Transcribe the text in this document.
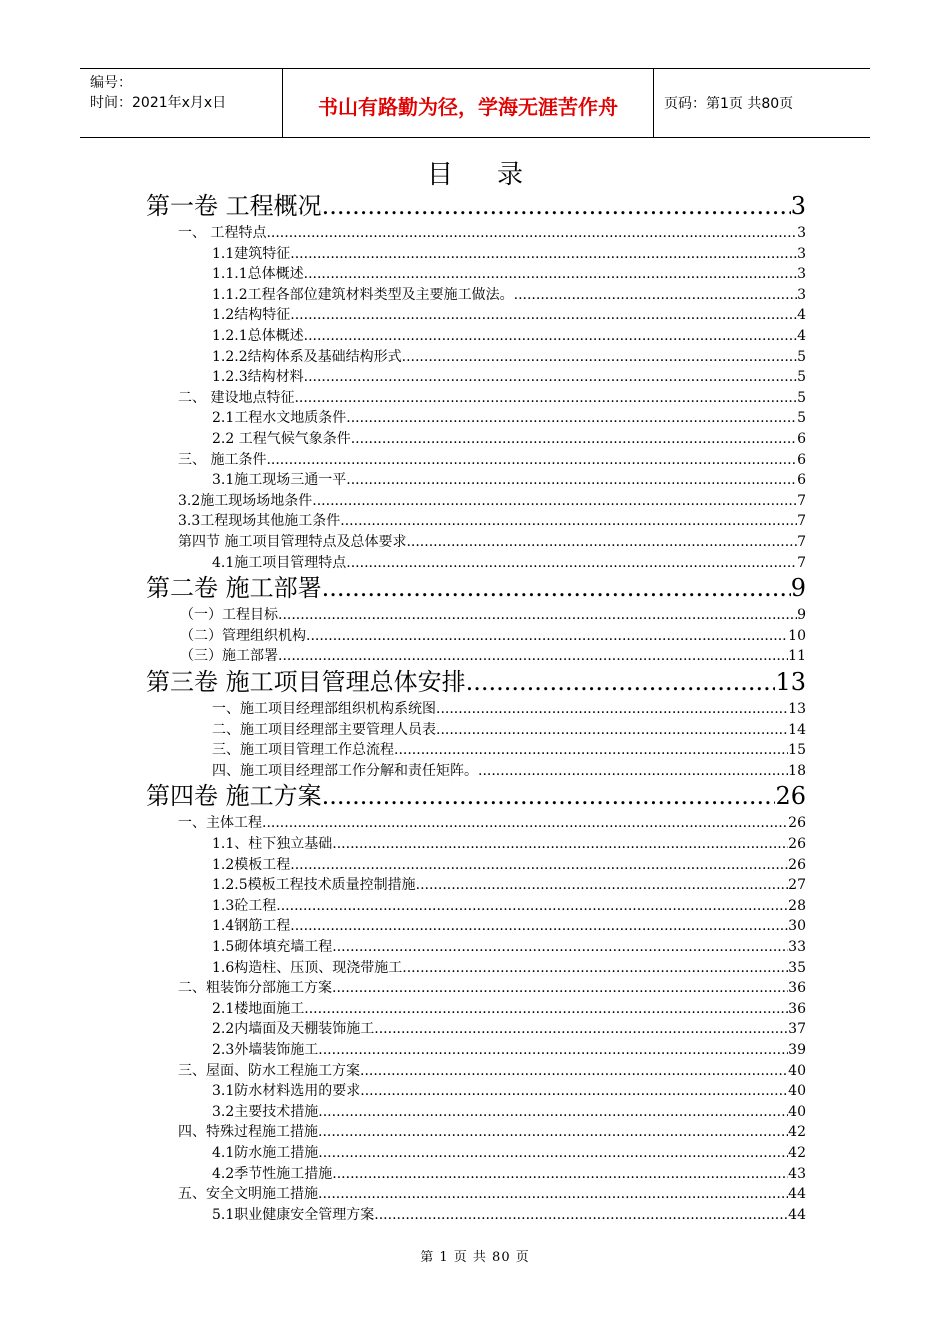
编号：
时间：2021年x月x日	书山有路勤为径，学海无涯苦作舟	页码：第1页 共80页
目录
第一卷 工程概况 .....	3
一、 工程特点 .....	3
1.1建筑特征 .....	3
1.1.1总体概述 .....	3
1.1.2工程各部位建筑材料类型及主要施工做法。 .....	3
1.2结构特征 .....	4
1.2.1总体概述 .....	4
1.2.2结构体系及基础结构形式 .....	5
1.2.3结构材料 .....	5
二、 建设地点特征 .....	5
2.1工程水文地质条件 .....	5
2.2 工程气候气象条件 .....	6
三、 施工条件 .....	6
3.1施工现场三通一平 .....	6
3.2施工现场场地条件 .....	7
3.3工程现场其他施工条件 .....	7
第四节 施工项目管理特点及总体要求 .....	7
4.1施工项目管理特点 .....	7
第二卷 施工部署 .....	9
（一）工程目标 .....	9
（二）管理组织机构 .....	10
（三）施工部署 .....	11
第三卷 施工项目管理总体安排 .....	13
一、施工项目经理部组织机构系统图 .....	13
二、施工项目经理部主要管理人员表 .....	14
三、施工项目管理工作总流程 .....	15
四、施工项目经理部工作分解和责任矩阵。 .....	18
第四卷 施工方案 .....	26
一、主体工程 .....	26
1.1、柱下独立基础 .....	26
1.2模板工程 .....	26
1.2.5模板工程技术质量控制措施 .....	27
1.3砼工程 .....	28
1.4钢筋工程 .....	30
1.5砌体填充墙工程 .....	33
1.6构造柱、压顶、现浇带施工 .....	35
二、粗装饰分部施工方案 .....	36
2.1楼地面施工 .....	36
2.2内墙面及天棚装饰施工 .....	37
2.3外墙装饰施工 .....	39
三、屋面、防水工程施工方案 .....	40
3.1防水材料选用的要求 .....	40
3.2主要技术措施 .....	40
四、特殊过程施工措施 .....	42
4.1防水施工措施 .....	42
4.2季节性施工措施 .....	43
五、安全文明施工措施 .....	44
5.1职业健康安全管理方案 .....	44
第 1 页 共 80 页
